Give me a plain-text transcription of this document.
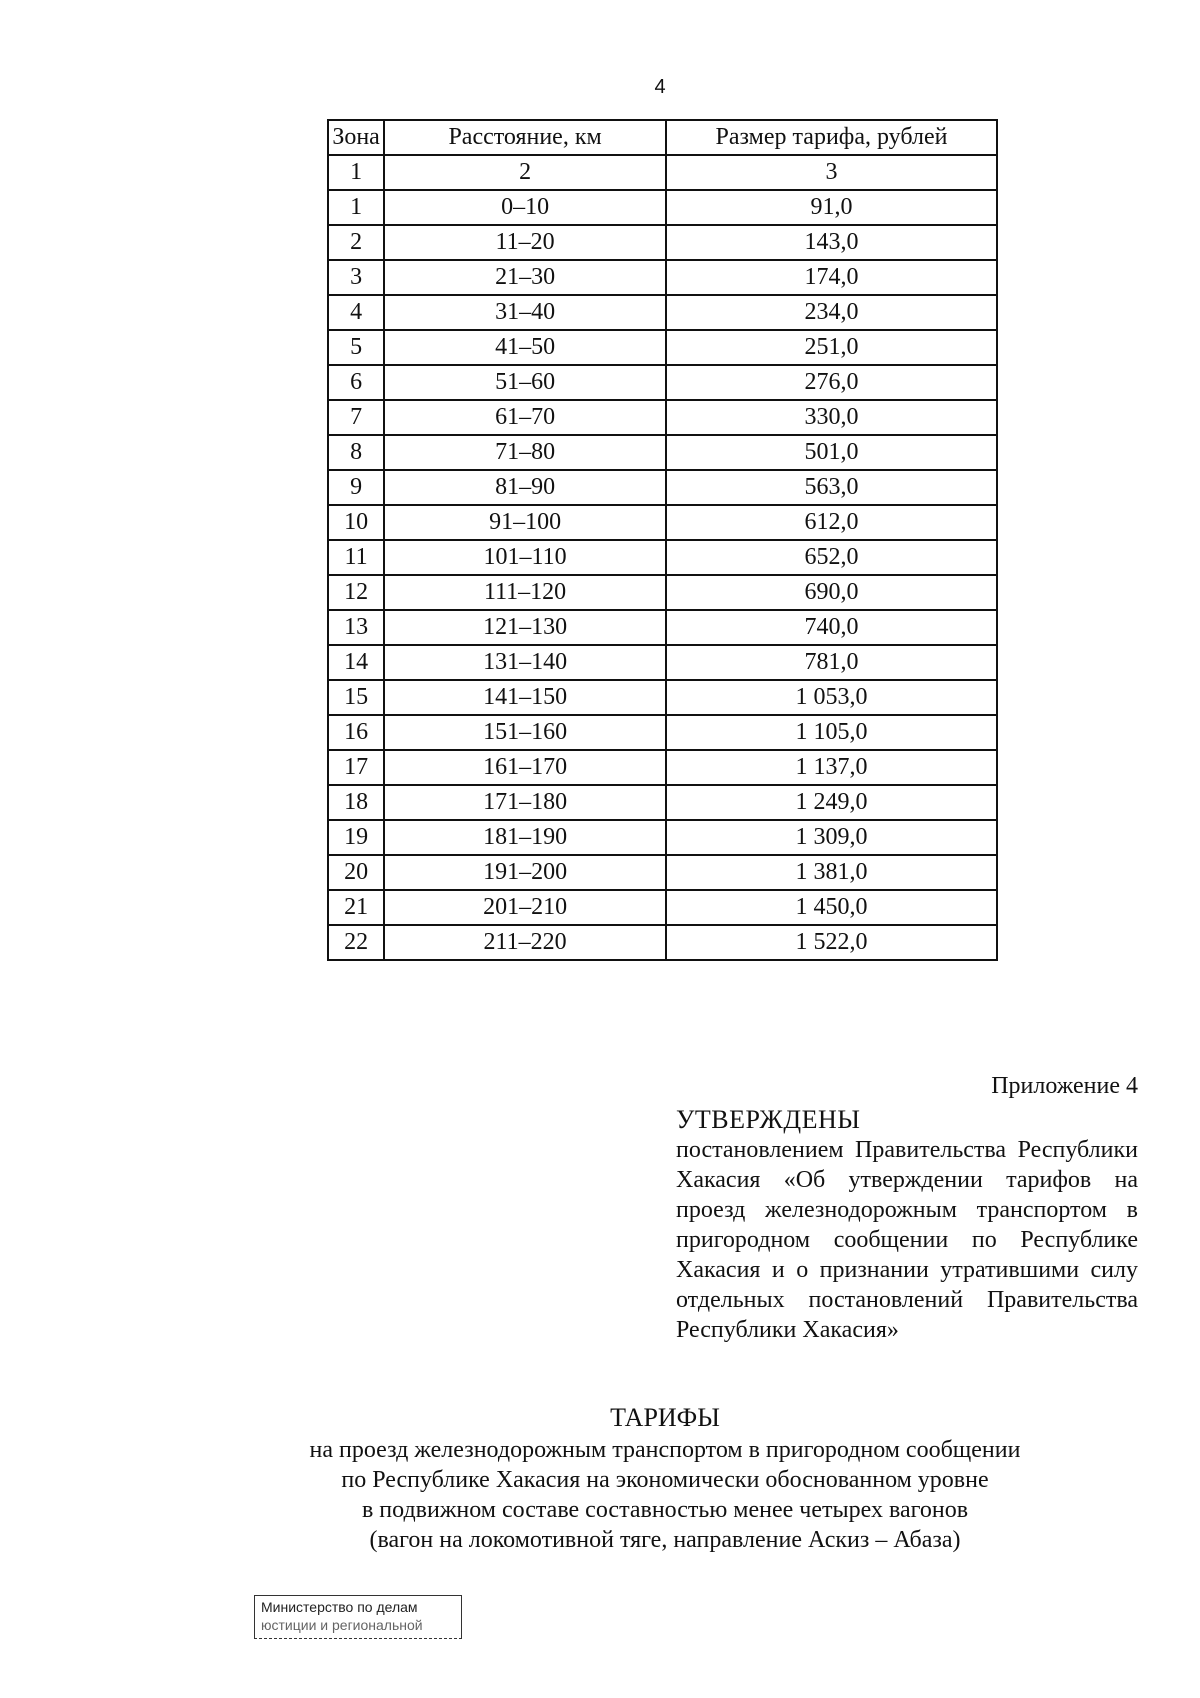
4
Зона	Расстояние, км	Размер тарифа, рублей
1	2	3
1	0–10	91,0
2	11–20	143,0
3	21–30	174,0
4	31–40	234,0
5	41–50	251,0
6	51–60	276,0
7	61–70	330,0
8	71–80	501,0
9	81–90	563,0
10	91–100	612,0
11	101–110	652,0
12	111–120	690,0
13	121–130	740,0
14	131–140	781,0
15	141–150	1 053,0
16	151–160	1 105,0
17	161–170	1 137,0
18	171–180	1 249,0
19	181–190	1 309,0
20	191–200	1 381,0
21	201–210	1 450,0
22	211–220	1 522,0
Приложение 4
УТВЕРЖДЕНЫ
постановлением Правительства Республики Хакасия «Об утверждении тарифов на проезд железнодорожным транспортом в пригородном сообщении по Республике Хакасия и о признании утратившими силу отдельных постановлений Правительства Республики Хакасия»
ТАРИФЫ
на проезд железнодорожным транспортом в пригородном сообщении
по Республике Хакасия на экономически обоснованном уровне
в подвижном составе составностью менее четырех вагонов
(вагон на локомотивной тяге, направление Аскиз – Абаза)
Министерство по делам
юстиции и региональной
